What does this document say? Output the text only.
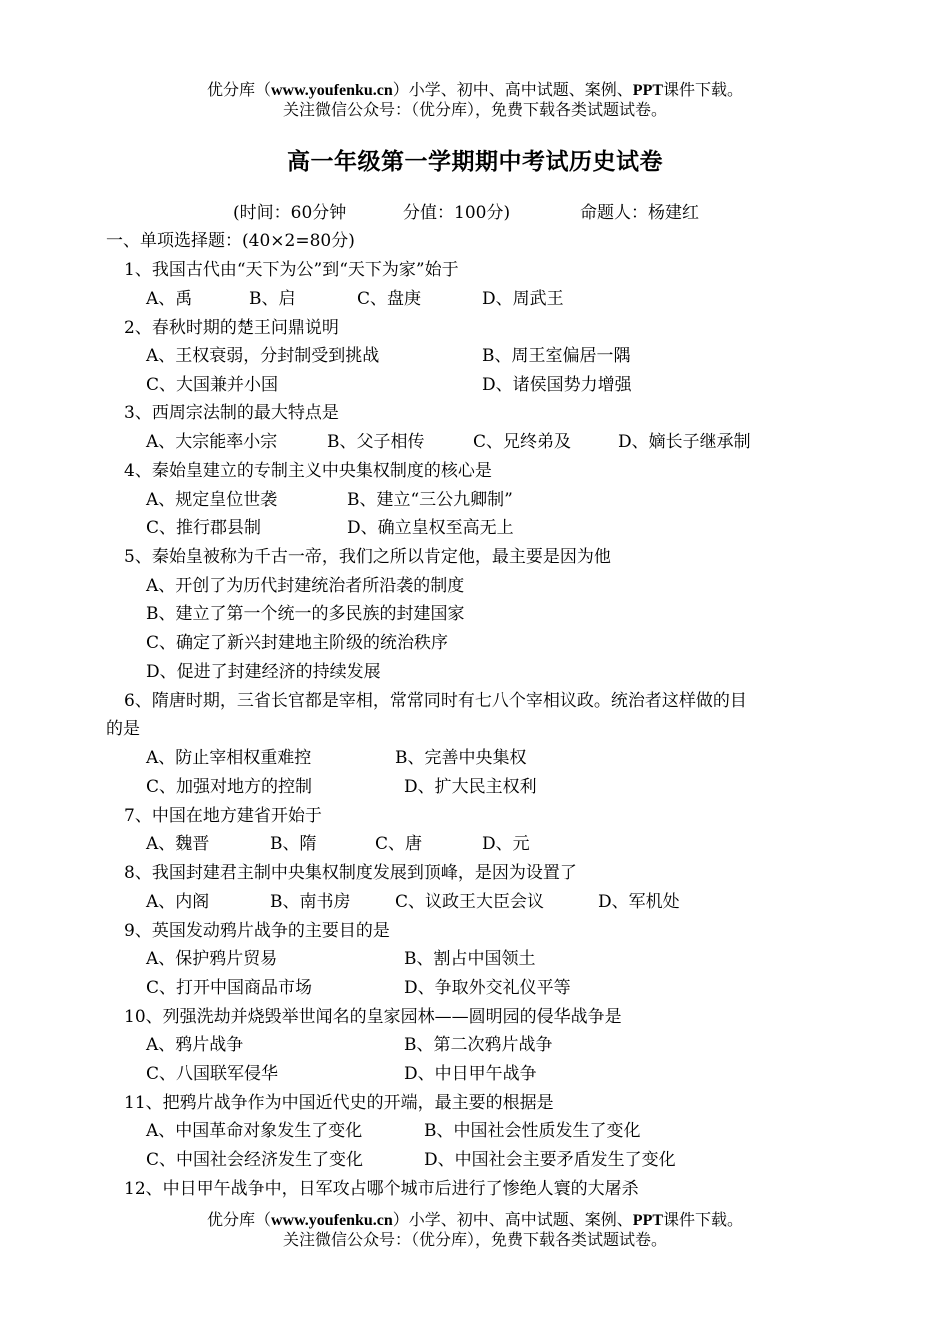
优分库（www.youfenku.cn）小学、初中、高中试题、案例、PPT课件下载。
关注微信公众号：（优分库），免费下载各类试题试卷。
高一年级第一学期期中考试历史试卷
(时间：60分钟	分值：100分)	命题人：杨建红
一、单项选择题：(40×2=80分)
1、我国古代由“天下为公”到“天下为家”始于
A、禹	B、启	C、盘庚	D、周武王
2、春秋时期的楚王问鼎说明
A、王权衰弱，分封制受到挑战	B、周王室偏居一隅
C、大国兼并小国	D、诸侯国势力增强
3、西周宗法制的最大特点是
A、大宗能率小宗	B、父子相传	C、兄终弟及	D、嫡长子继承制
4、秦始皇建立的专制主义中央集权制度的核心是
A、规定皇位世袭	B、建立“三公九卿制”
C、推行郡县制	D、确立皇权至高无上
5、秦始皇被称为千古一帝，我们之所以肯定他，最主要是因为他
A、开创了为历代封建统治者所沿袭的制度
B、建立了第一个统一的多民族的封建国家
C、确定了新兴封建地主阶级的统治秩序
D、促进了封建经济的持续发展
6、隋唐时期，三省长官都是宰相，常常同时有七八个宰相议政。统治者这样做的目
的是
A、防止宰相权重难控	B、完善中央集权
C、加强对地方的控制	D、扩大民主权利
7、中国在地方建省开始于
A、魏晋	B、隋	C、唐	D、元
8、我国封建君主制中央集权制度发展到顶峰，是因为设置了
A、内阁	B、南书房	C、议政王大臣会议	D、军机处
9、英国发动鸦片战争的主要目的是
A、保护鸦片贸易	B、割占中国领土
C、打开中国商品市场	D、争取外交礼仪平等
10、列强洗劫并烧毁举世闻名的皇家园林——圆明园的侵华战争是
A、鸦片战争	B、第二次鸦片战争
C、八国联军侵华	D、中日甲午战争
11、把鸦片战争作为中国近代史的开端，最主要的根据是
A、中国革命对象发生了变化	B、中国社会性质发生了变化
C、中国社会经济发生了变化	D、中国社会主要矛盾发生了变化
12、中日甲午战争中，日军攻占哪个城市后进行了惨绝人寰的大屠杀
优分库（www.youfenku.cn）小学、初中、高中试题、案例、PPT课件下载。
关注微信公众号：（优分库），免费下载各类试题试卷。
